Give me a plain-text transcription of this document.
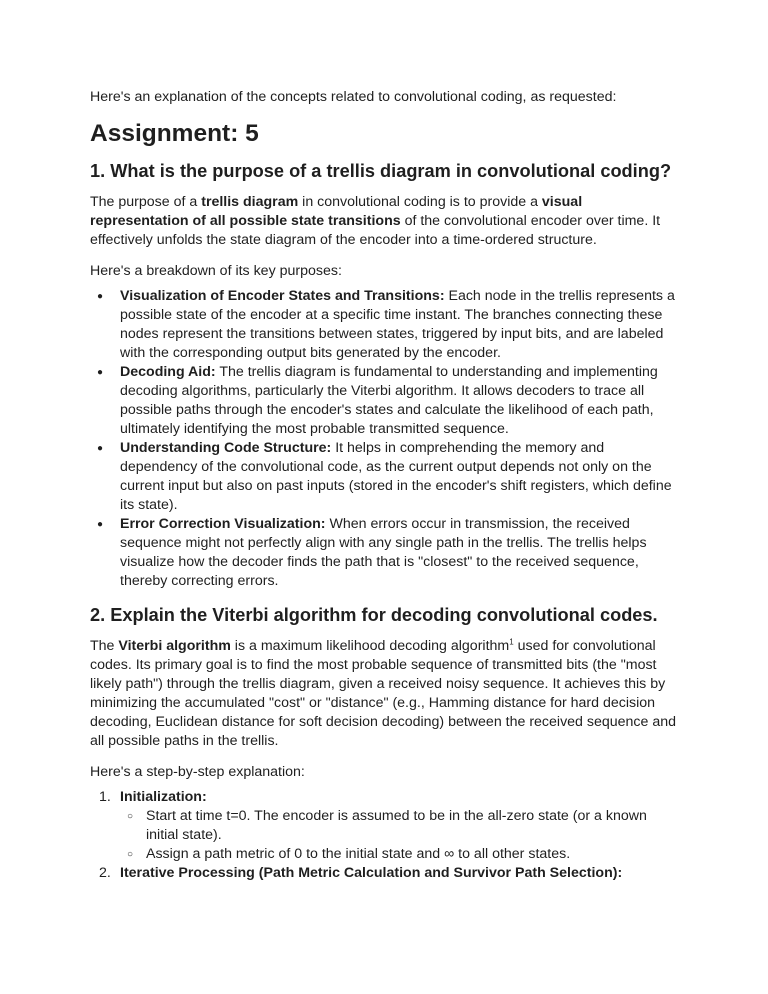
Here's an explanation of the concepts related to convolutional coding, as requested:
Assignment: 5
1. What is the purpose of a trellis diagram in convolutional coding?

The purpose of a trellis diagram in convolutional coding is to provide a visual representation of all possible state transitions of the convolutional encoder over time. It effectively unfolds the state diagram of the encoder into a time-ordered structure.

Here's a breakdown of its key purposes:

● Visualization of Encoder States and Transitions: Each node in the trellis represents a possible state of the encoder at a specific time instant. The branches connecting these nodes represent the transitions between states, triggered by input bits, and are labeled with the corresponding output bits generated by the encoder.
● Decoding Aid: The trellis diagram is fundamental to understanding and implementing decoding algorithms, particularly the Viterbi algorithm. It allows decoders to trace all possible paths through the encoder's states and calculate the likelihood of each path, ultimately identifying the most probable transmitted sequence.
● Understanding Code Structure: It helps in comprehending the memory and dependency of the convolutional code, as the current output depends not only on the current input but also on past inputs (stored in the encoder's shift registers, which define its state).
● Error Correction Visualization: When errors occur in transmission, the received sequence might not perfectly align with any single path in the trellis. The trellis helps visualize how the decoder finds the path that is "closest" to the received sequence, thereby correcting errors.
2. Explain the Viterbi algorithm for decoding convolutional codes.

The Viterbi algorithm is a maximum likelihood decoding algorithm$^1$ used for convolutional codes. Its primary goal is to find the most probable sequence of transmitted bits (the "most likely path") through the trellis diagram, given a received noisy sequence. It achieves this by minimizing the accumulated "cost" or "distance" (e.g., Hamming distance for hard decision decoding, Euclidean distance for soft decision decoding) between the received sequence and all possible paths in the trellis.

Here's a step-by-step explanation:

1. Initialization:
○ Start at time t=0. The encoder is assumed to be in the all-zero state (or a known initial state).
○ Assign a path metric of 0 to the initial state and ∞ to all other states.
2. Iterative Processing (Path Metric Calculation and Survivor Path Selection):
